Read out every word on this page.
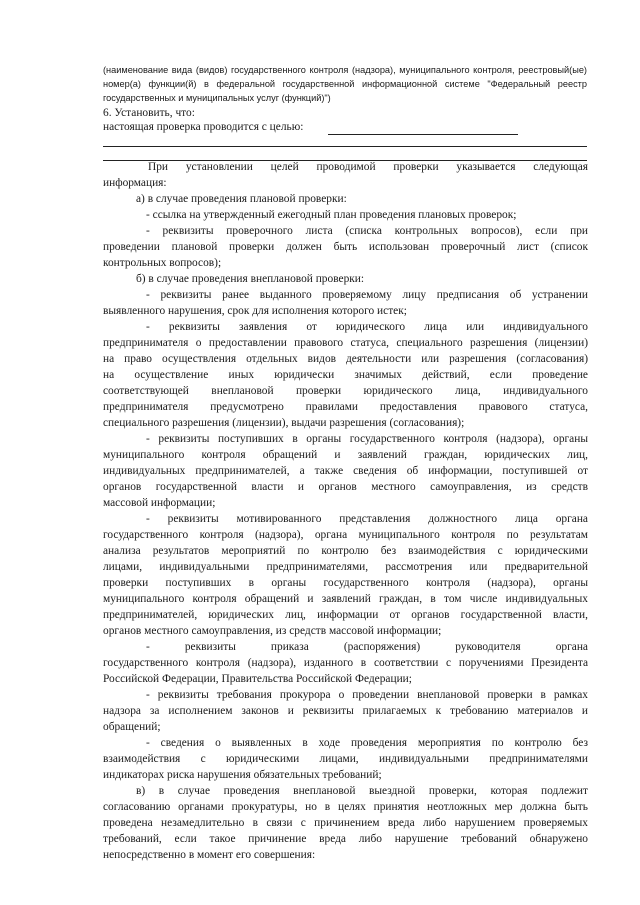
(наименование вида (видов) государственного контроля (надзора), муниципального контроля, реестровый(ые)
номер(а) функции(й) в федеральной государственной информационной системе "Федеральный реестр
государственных и муниципальных услуг (функций)")
6. Установить, что:
настоящая проверка проводится с целью:
При установлении целей проводимой проверки указывается следующая
информация:
а) в случае проведения плановой проверки:
- ссылка на утвержденный ежегодный план проведения плановых проверок;
- реквизиты проверочного листа (списка контрольных вопросов), если при
проведении плановой проверки должен быть использован проверочный лист (список
контрольных вопросов);
б) в случае проведения внеплановой проверки:
- реквизиты ранее выданного проверяемому лицу предписания об устранении
выявленного нарушения, срок для исполнения которого истек;
- реквизиты заявления от юридического лица или индивидуального
предпринимателя о предоставлении правового статуса, специального разрешения (лицензии)
на право осуществления отдельных видов деятельности или разрешения (согласования)
на осуществление иных юридически значимых действий, если проведение
соответствующей внеплановой проверки юридического лица, индивидуального
предпринимателя предусмотрено правилами предоставления правового статуса,
специального разрешения (лицензии), выдачи разрешения (согласования);
- реквизиты поступивших в органы государственного контроля (надзора), органы
муниципального контроля обращений и заявлений граждан, юридических лиц,
индивидуальных предпринимателей, а также сведения об информации, поступившей от
органов государственной власти и органов местного самоуправления, из средств
массовой информации;
- реквизиты мотивированного представления должностного лица органа
государственного контроля (надзора), органа муниципального контроля по результатам
анализа результатов мероприятий по контролю без взаимодействия с юридическими
лицами, индивидуальными предпринимателями, рассмотрения или предварительной
проверки поступивших в органы государственного контроля (надзора), органы
муниципального контроля обращений и заявлений граждан, в том числе индивидуальных
предпринимателей, юридических лиц, информации от органов государственной власти,
органов местного самоуправления, из средств массовой информации;
- реквизиты приказа (распоряжения) руководителя органа
государственного контроля (надзора), изданного в соответствии с поручениями Президента
Российской Федерации, Правительства Российской Федерации;
- реквизиты требования прокурора о проведении внеплановой проверки в рамках
надзора за исполнением законов и реквизиты прилагаемых к требованию материалов и
обращений;
- сведения о выявленных в ходе проведения мероприятия по контролю без
взаимодействия с юридическими лицами, индивидуальными предпринимателями
индикаторах риска нарушения обязательных требований;
в) в случае проведения внеплановой выездной проверки, которая подлежит
согласованию органами прокуратуры, но в целях принятия неотложных мер должна быть
проведена незамедлительно в связи с причинением вреда либо нарушением проверяемых
требований, если такое причинение вреда либо нарушение требований обнаружено
непосредственно в момент его совершения:
